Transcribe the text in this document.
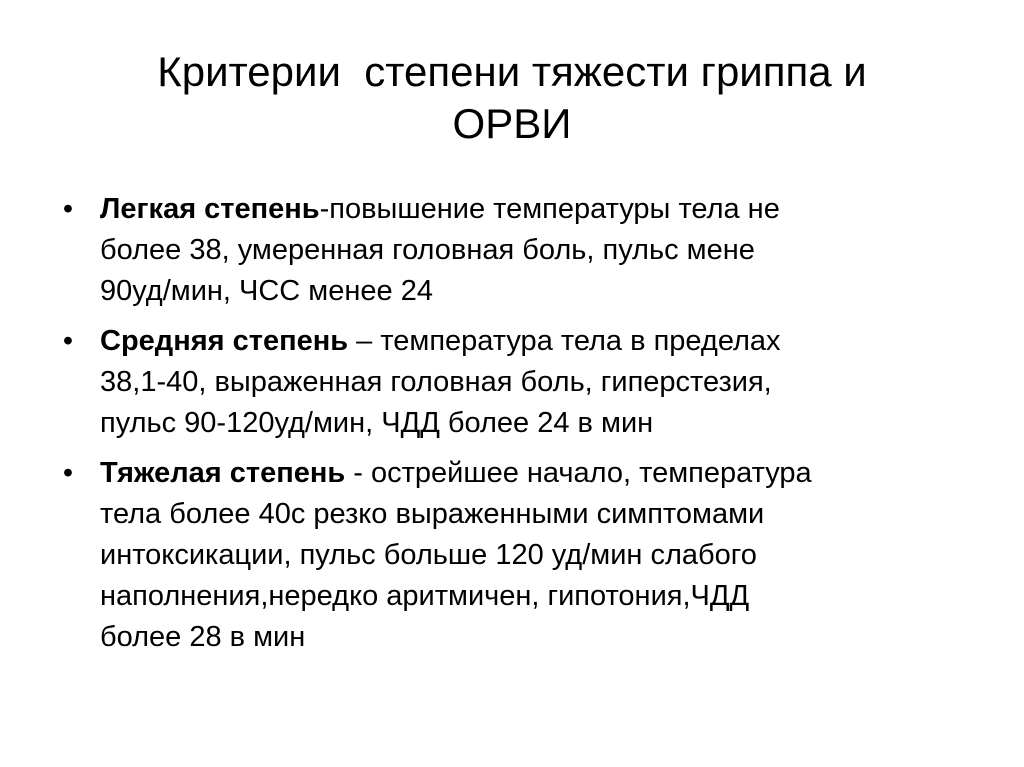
Критерии  степени тяжести гриппа и
ОРВИ
• Легкая степень-повышение температуры тела не
более 38, умеренная головная боль, пульс мене
90уд/мин, ЧСС менее 24
• Средняя степень – температура тела в пределах
38,1-40, выраженная головная боль, гиперстезия,
пульс 90-120уд/мин, ЧДД более 24 в мин
• Тяжелая степень - острейшее начало, температура
тела более 40с резко выраженными симптомами
интоксикации, пульс больше 120 уд/мин слабого
наполнения,нередко аритмичен, гипотония,ЧДД
более 28 в мин
